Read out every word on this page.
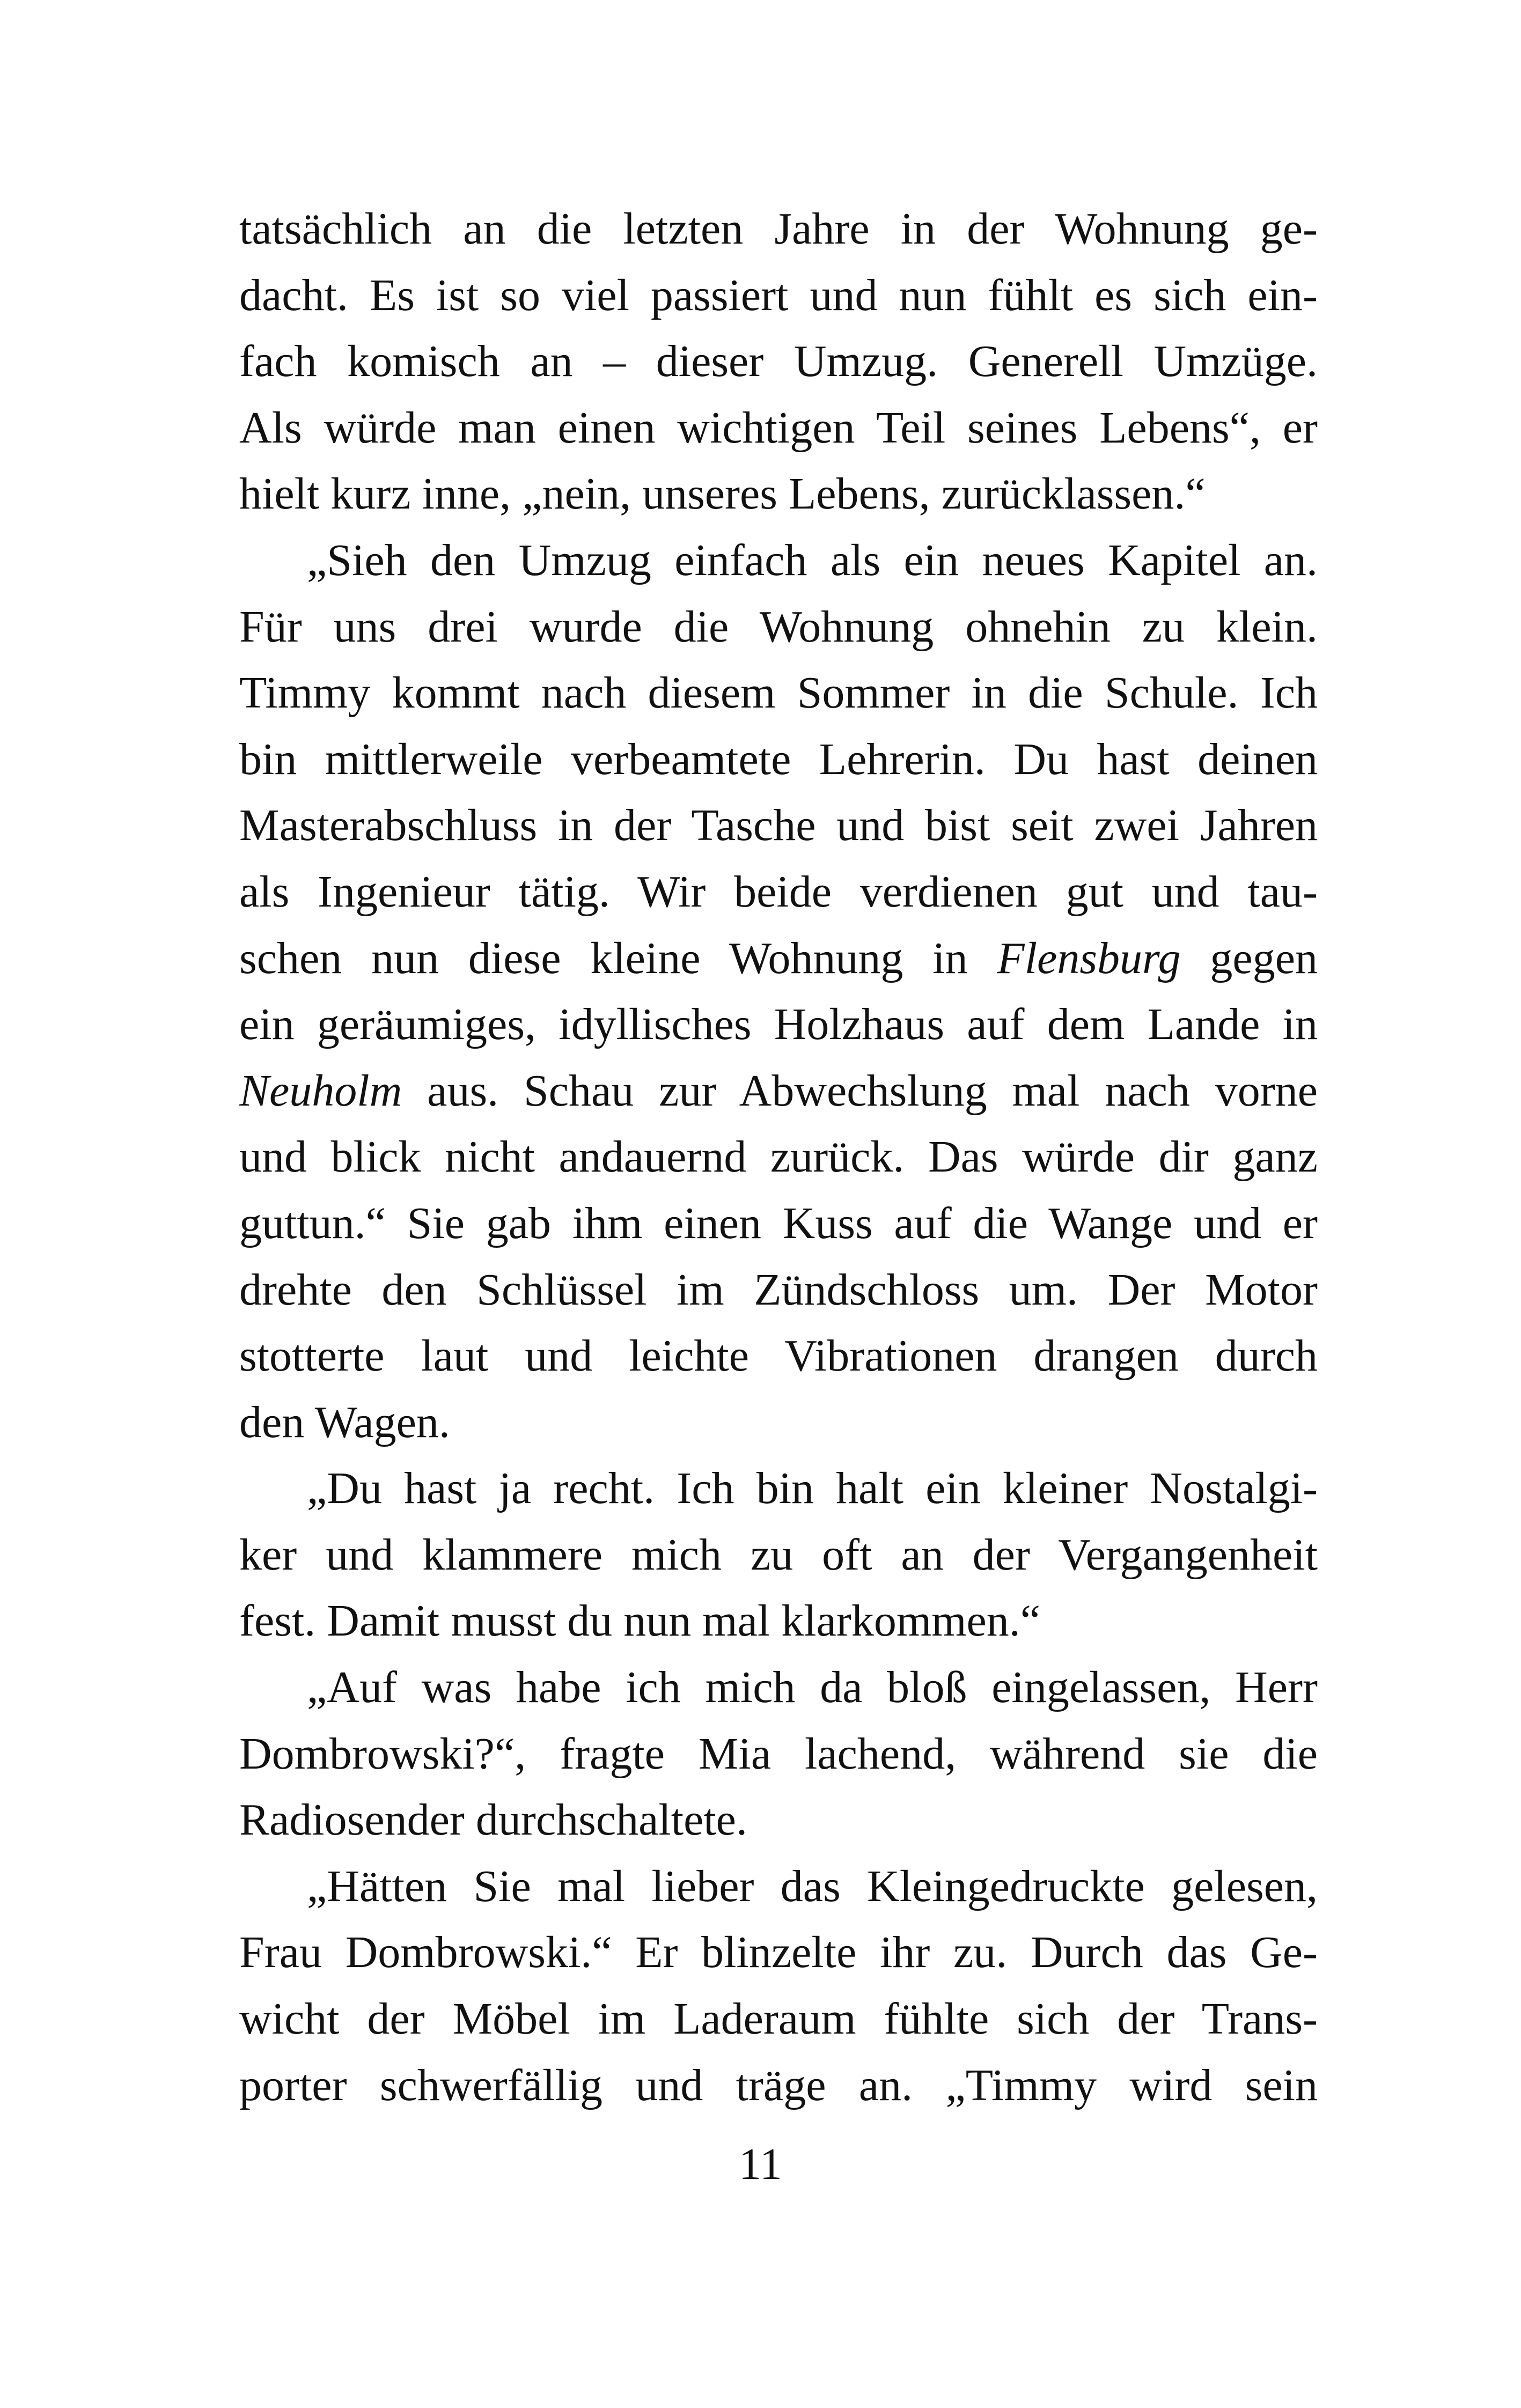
tatsächlich an die letzten Jahre in der Wohnung ge-
dacht. Es ist so viel passiert und nun fühlt es sich ein-
fach komisch an – dieser Umzug. Generell Umzüge.
Als würde man einen wichtigen Teil seines Lebens“, er
hielt kurz inne, „nein, unseres Lebens, zurücklassen.“
„Sieh den Umzug einfach als ein neues Kapitel an.
Für uns drei wurde die Wohnung ohnehin zu klein.
Timmy kommt nach diesem Sommer in die Schule. Ich
bin mittlerweile verbeamtete Lehrerin. Du hast deinen
Masterabschluss in der Tasche und bist seit zwei Jahren
als Ingenieur tätig. Wir beide verdienen gut und tau-
schen nun diese kleine Wohnung in Flensburg gegen
ein geräumiges, idyllisches Holzhaus auf dem Lande in
Neuholm aus. Schau zur Abwechslung mal nach vorne
und blick nicht andauernd zurück. Das würde dir ganz
guttun.“ Sie gab ihm einen Kuss auf die Wange und er
drehte den Schlüssel im Zündschloss um. Der Motor
stotterte laut und leichte Vibrationen drangen durch
den Wagen.
„Du hast ja recht. Ich bin halt ein kleiner Nostalgi-
ker und klammere mich zu oft an der Vergangenheit
fest. Damit musst du nun mal klarkommen.“
„Auf was habe ich mich da bloß eingelassen, Herr
Dombrowski?“, fragte Mia lachend, während sie die
Radiosender durchschaltete.
„Hätten Sie mal lieber das Kleingedruckte gelesen,
Frau Dombrowski.“ Er blinzelte ihr zu. Durch das Ge-
wicht der Möbel im Laderaum fühlte sich der Trans-
porter schwerfällig und träge an. „Timmy wird sein
11
